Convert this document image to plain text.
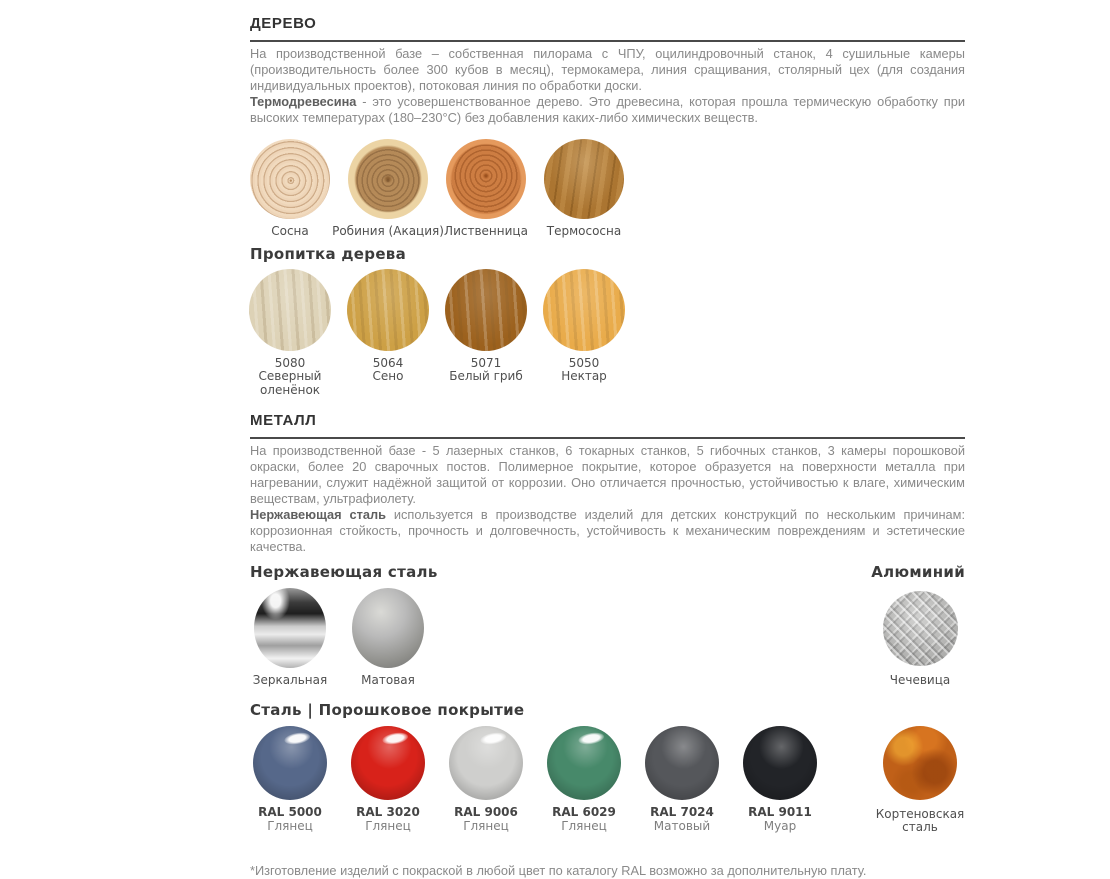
ДЕРЕВО

На производственной базе – собственная пилорама с ЧПУ, оцилиндровочный станок, 4 сушильные камеры (производительность более 300 кубов в месяц), термокамера, линия сращивания, столярный цех (для создания индивидуальных проектов), потоковая линия по обработки доски.

Термодревесина - это усовершенствованное дерево. Это древесина, которая прошла термическую обработку при высоких температурах (180–230°C) без добавления каких-либо химических веществ.

Сосна Робиния (Акация) Лиственница Термососна
Пропитка дерева
5080
Северный оленёнок
5064
Сено
5071
Белый гриб
5050
Нектар
МЕТАЛЛ

На производственной базе - 5 лазерных станков, 6 токарных станков, 5 гибочных станков, 3 камеры порошковой окраски, более 20 сварочных постов. Полимерное покрытие, которое образуется на поверхности металла при нагревании, служит надёжной защитой от коррозии. Оно отличается прочностью, устойчивостью к влаге, химическим веществам, ультрафиолету.

Нержавеющая сталь используется в производстве изделий для детских конструкций по нескольким причинам: коррозионная стойкость, прочность и долговечность, устойчивость к механическим повреждениям и эстетические качества.

Нержавеющая сталь	Алюминий
Зеркальная	Матовая	Чечевица
Сталь | Порошковое покрытие
RAL 5000
Глянец
RAL 3020
Глянец
RAL 9006
Глянец
RAL 6029
Глянец
RAL 7024
Матовый
RAL 9011
Муар
Кортеновская сталь

*Изготовление изделий с покраской в любой цвет по каталогу RAL возможно за дополнительную плату.
